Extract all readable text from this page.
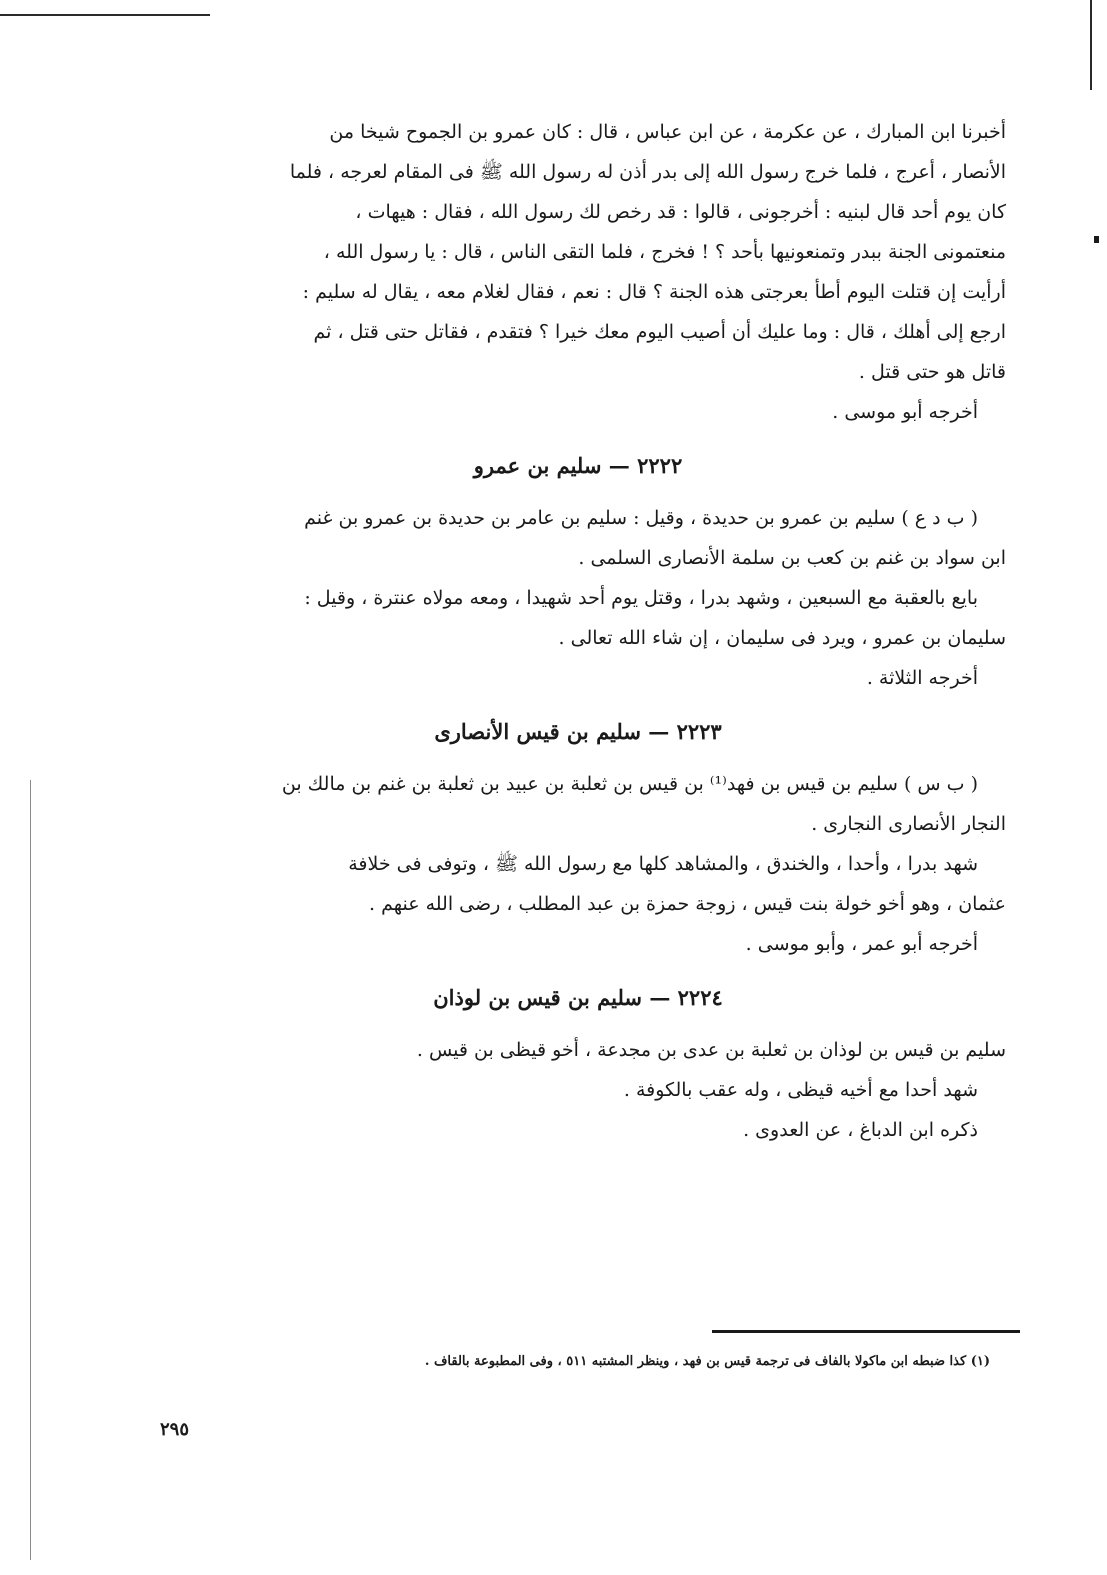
أخبرنا ابن المبارك ، عن عكرمة ، عن ابن عباس ، قال : كان عمرو بن الجموح شيخا من

الأنصار ، أعرج ، فلما خرج رسول الله إلى بدر أذن له رسول الله ﷺ فى المقام لعرجه ، فلما

كان يوم أحد قال لبنيه : أخرجونى ، قالوا : قد رخص لك رسول الله ، فقال : هيهات ،

منعتمونى الجنة ببدر وتمنعونيها بأحد ؟ ! فخرج ، فلما التقى الناس ، قال : يا رسول الله ،

أرأيت إن قتلت اليوم أطأ بعرجتى هذه الجنة ؟ قال : نعم ، فقال لغلام معه ، يقال له سليم :

ارجع إلى أهلك ، قال : وما عليك أن أصيب اليوم معك خيرا ؟ فتقدم ، فقاتل حتى قتل ، ثم

قاتل هو حتى قتل .

أخرجه أبو موسى .

٢٢٢٢ — سليم بن عمرو

( ب د ع ) سليم بن عمرو بن حديدة ، وقيل : سليم بن عامر بن حديدة بن عمرو بن غنم

ابن سواد بن غنم بن كعب بن سلمة الأنصارى السلمى .

بايع بالعقبة مع السبعين ، وشهد بدرا ، وقتل يوم أحد شهيدا ، ومعه مولاه عنترة ، وقيل :

سليمان بن عمرو ، ويرد فى سليمان ، إن شاء الله تعالى .

أخرجه الثلاثة .

٢٢٢٣ — سليم بن قيس الأنصارى

( ب س ) سليم بن قيس بن فهد⁽¹⁾ بن قيس بن ثعلبة بن عبيد بن ثعلبة بن غنم بن مالك بن

النجار الأنصارى النجارى .

شهد بدرا ، وأحدا ، والخندق ، والمشاهد كلها مع رسول الله ﷺ ، وتوفى فى خلافة

عثمان ، وهو أخو خولة بنت قيس ، زوجة حمزة بن عبد المطلب ، رضى الله عنهم .

أخرجه أبو عمر ، وأبو موسى .

٢٢٢٤ — سليم بن قيس بن لوذان

سليم بن قيس بن لوذان بن ثعلبة بن عدى بن مجدعة ، أخو قيظى بن قيس .

شهد أحدا مع أخيه قيظى ، وله عقب بالكوفة .

ذكره ابن الدباغ ، عن العدوى .

(١) كذا ضبطه ابن ماكولا بالفاف فى ترجمة قيس بن فهد ، وينظر المشتبه ٥١١ ، وفى المطبوعة بالقاف .
٢٩٥
